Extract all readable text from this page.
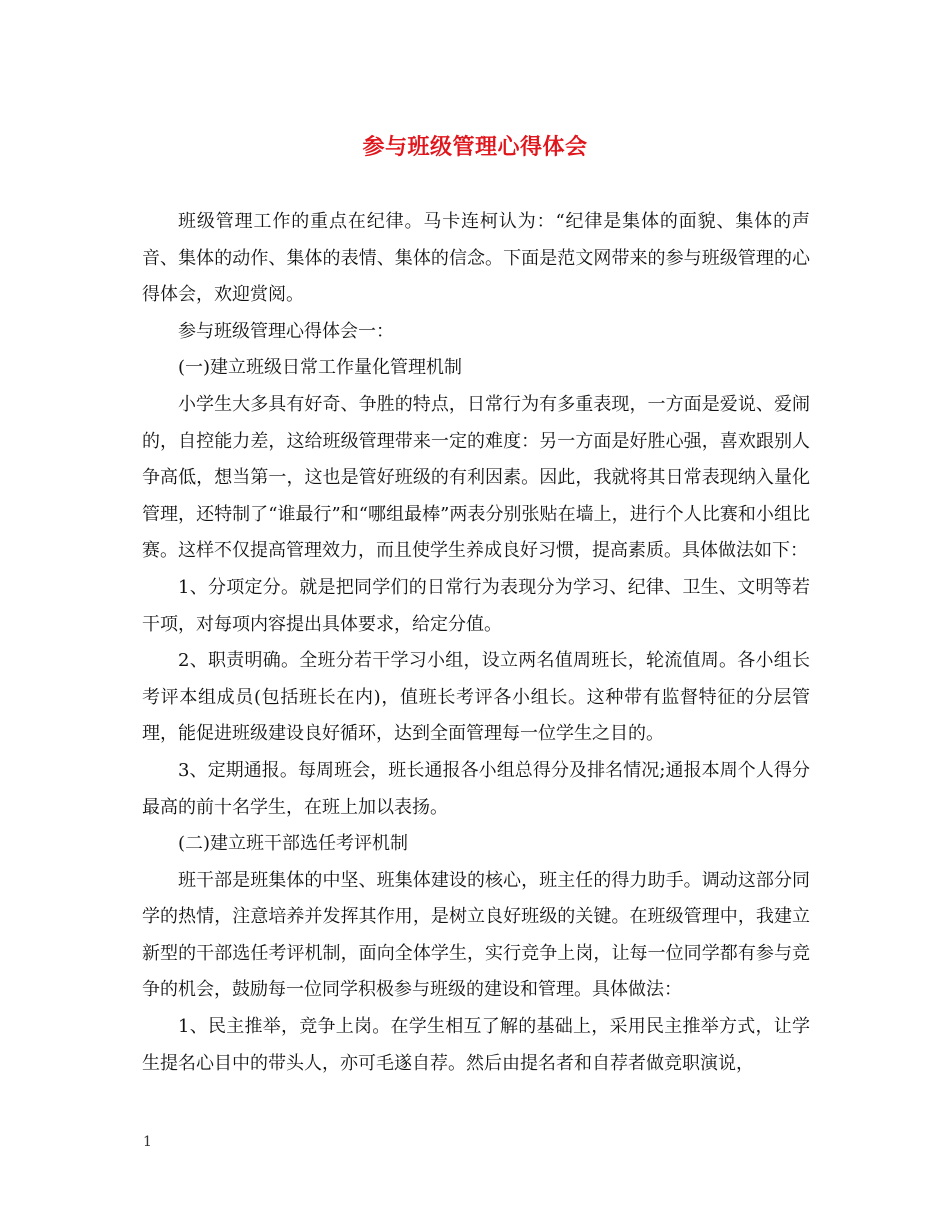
参与班级管理心得体会

班级管理工作的重点在纪律。马卡连柯认为：“纪律是集体的面貌、集体的声音、集体的动作、集体的表情、集体的信念。下面是范文网带来的参与班级管理的心得体会，欢迎赏阅。

参与班级管理心得体会一：

(一)建立班级日常工作量化管理机制

小学生大多具有好奇、争胜的特点，日常行为有多重表现，一方面是爱说、爱闹的，自控能力差，这给班级管理带来一定的难度：另一方面是好胜心强，喜欢跟别人争高低，想当第一，这也是管好班级的有利因素。因此，我就将其日常表现纳入量化管理，还特制了“谁最行”和“哪组最棒”两表分别张贴在墙上，进行个人比赛和小组比赛。这样不仅提高管理效力，而且使学生养成良好习惯，提高素质。具体做法如下：

1、分项定分。就是把同学们的日常行为表现分为学习、纪律、卫生、文明等若干项，对每项内容提出具体要求，给定分值。

2、职责明确。全班分若干学习小组，设立两名值周班长，轮流值周。各小组长考评本组成员(包括班长在内)，值班长考评各小组长。这种带有监督特征的分层管理，能促进班级建设良好循环，达到全面管理每一位学生之目的。

3、定期通报。每周班会，班长通报各小组总得分及排名情况;通报本周个人得分最高的前十名学生，在班上加以表扬。

(二)建立班干部选任考评机制

班干部是班集体的中坚、班集体建设的核心，班主任的得力助手。调动这部分同学的热情，注意培养并发挥其作用，是树立良好班级的关键。在班级管理中，我建立新型的干部选任考评机制，面向全体学生，实行竞争上岗，让每一位同学都有参与竞争的机会，鼓励每一位同学积极参与班级的建设和管理。具体做法：

1、民主推举，竞争上岗。在学生相互了解的基础上，采用民主推举方式，让学生提名心目中的带头人，亦可毛遂自荐。然后由提名者和自荐者做竞职演说，

1
